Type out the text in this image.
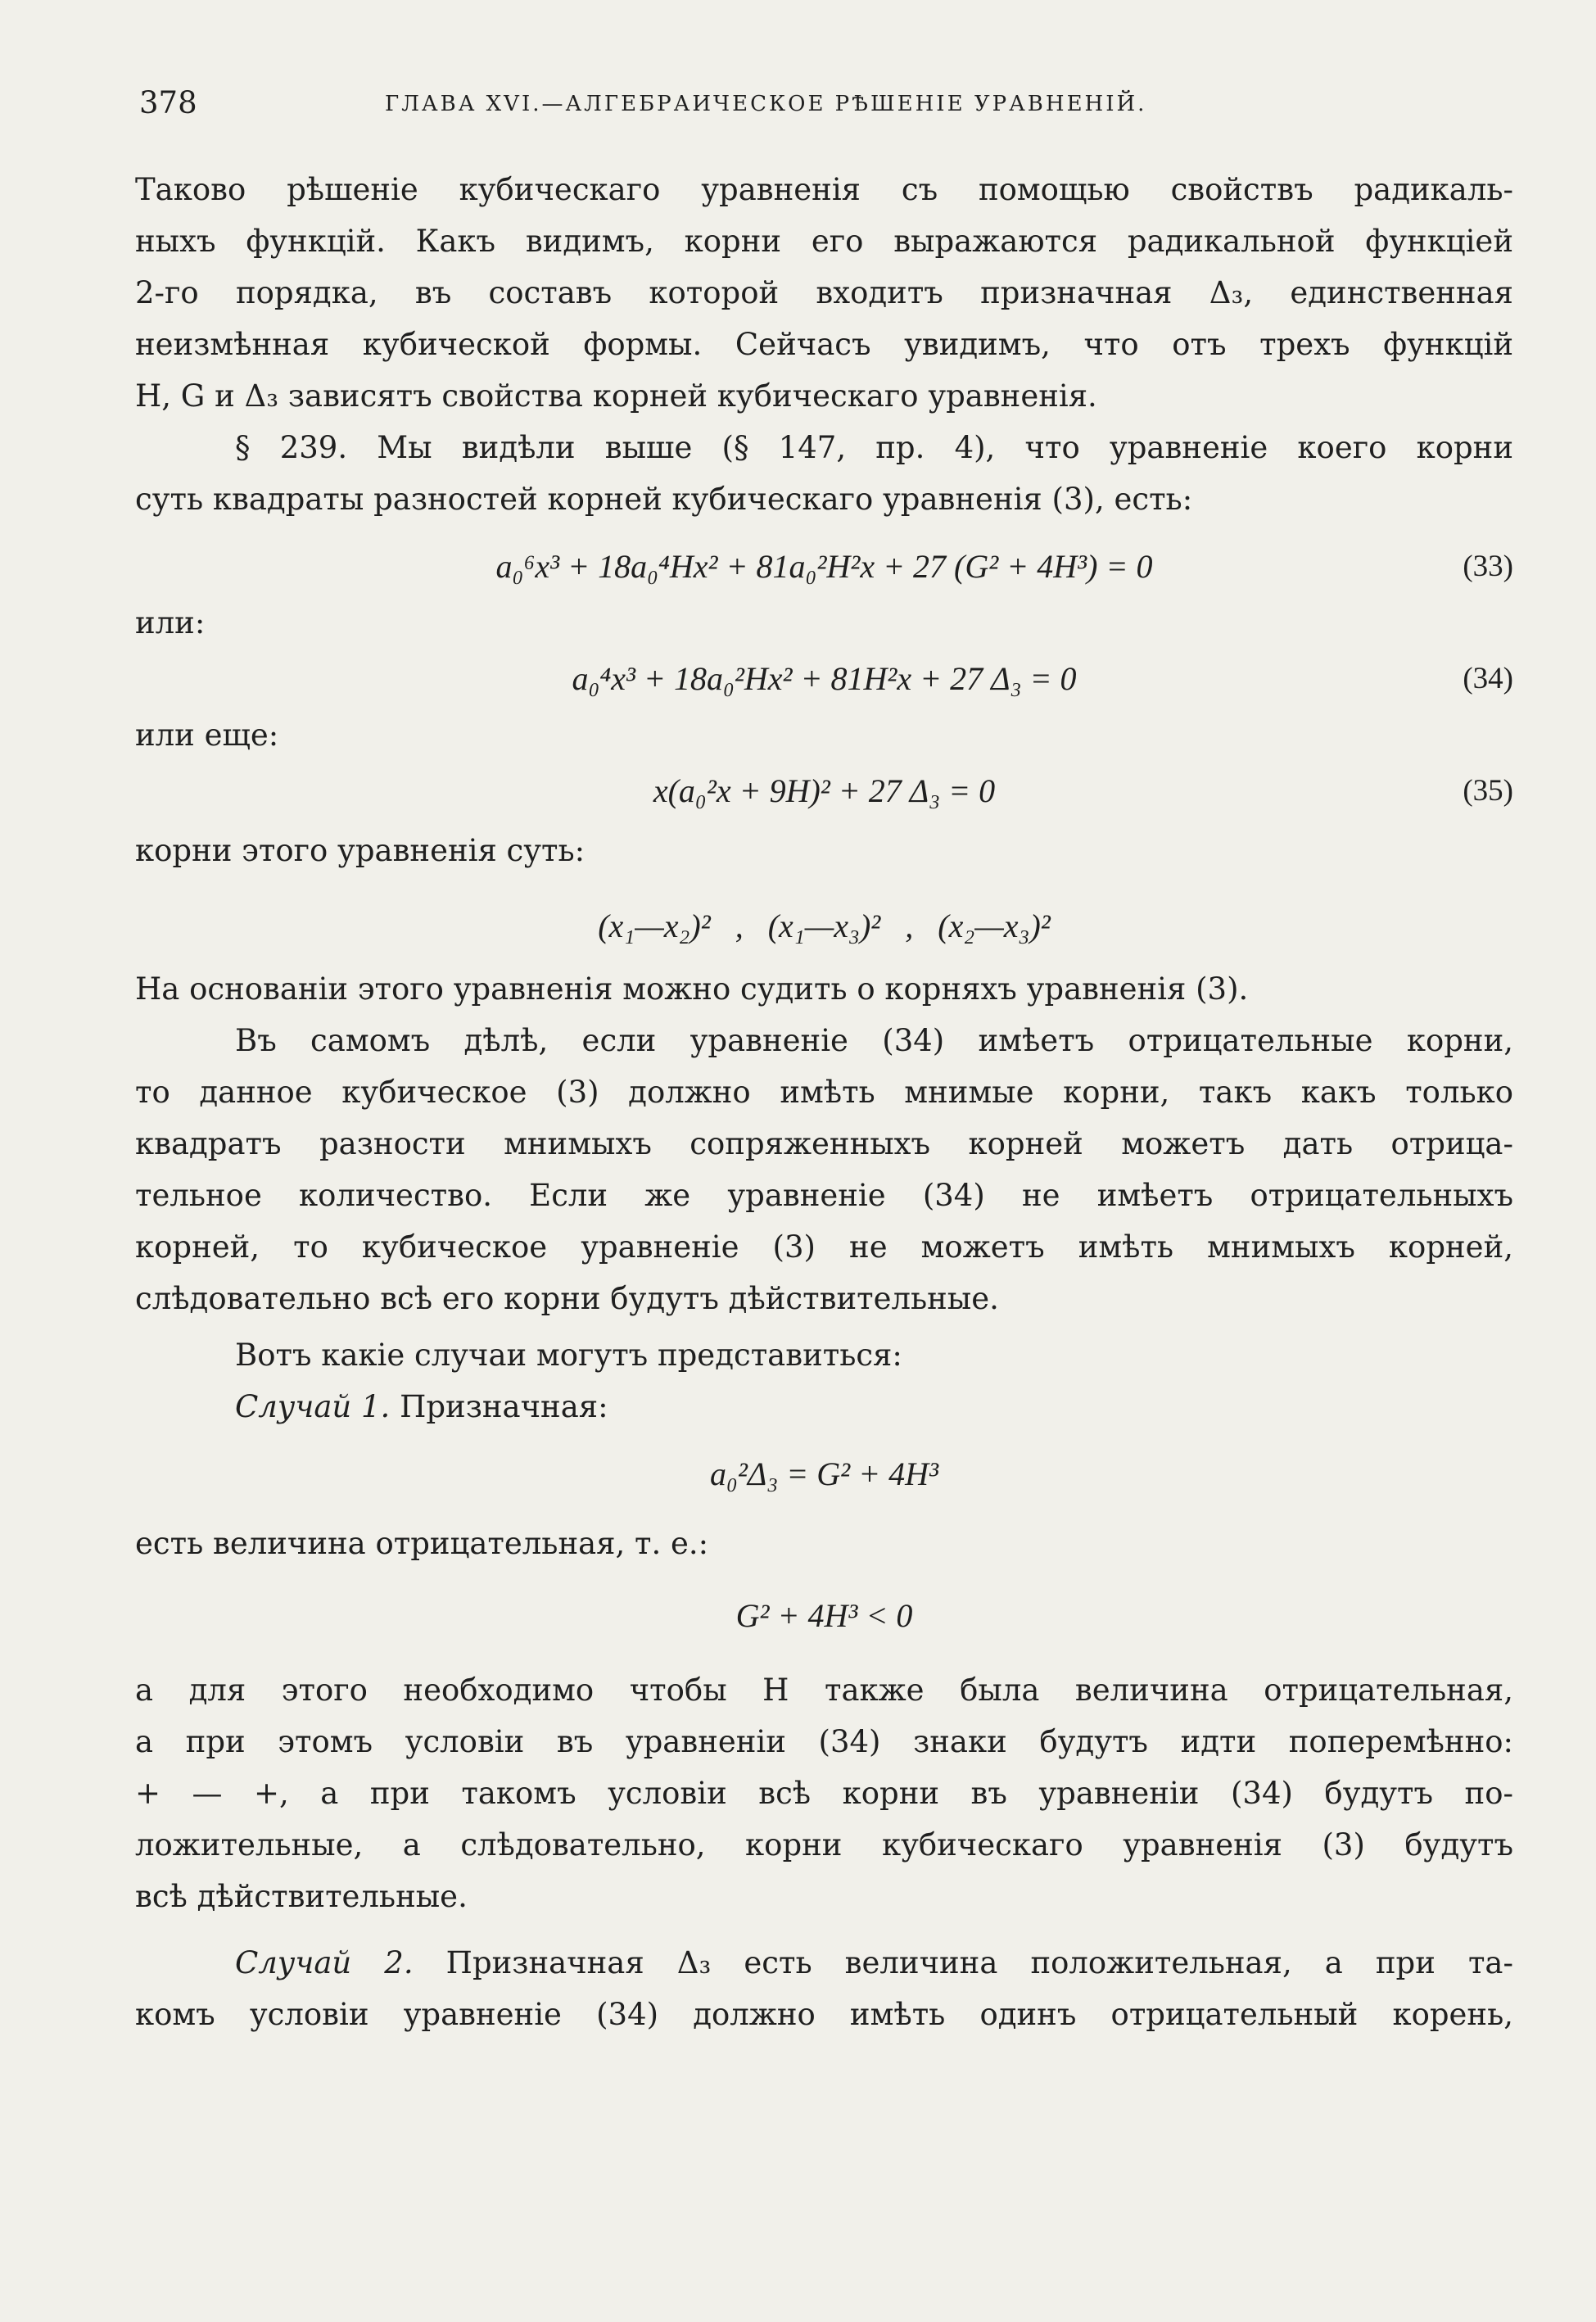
378	ГЛАВА XVI.—АЛГЕБРАИЧЕСКОЕ РѢШЕНІЕ УРАВНЕНІЙ.

Таково рѣшеніе кубическаго уравненія съ помощью свойствъ радикаль-

ныхъ функцій. Какъ видимъ, корни его выражаются радикальной функціей

2-го порядка, въ составъ которой входитъ призначная Δ₃, единственная

неизмѣнная кубической формы. Сейчасъ увидимъ, что отъ трехъ функцій

H, G и Δ₃ зависятъ свойства корней кубическаго уравненія.

§ 239. Мы видѣли выше (§ 147, пр. 4), что уравненіе коего корни

суть квадраты разностей корней кубическаго уравненія (3), есть:

a₀⁶x³ + 18a₀⁴Hx² + 81a₀²H²x + 27 (G² + 4H³) = 0	(33)

или:

a₀⁴x³ + 18a₀²Hx² + 81H²x + 27 Δ₃ = 0	(34)

или еще:

x(a₀²x + 9H)² + 27 Δ₃ = 0	(35)

корни этого уравненія суть:

(x₁—x₂)²   ,   (x₁—x₃)²   ,   (x₂—x₃)²

На основаніи этого уравненія можно судить о корняхъ уравненія (3).

Въ самомъ дѣлѣ, если уравненіе (34) имѣетъ отрицательные корни,

то данное кубическое (3) должно имѣть мнимые корни, такъ какъ только

квадратъ разности мнимыхъ сопряженныхъ корней можетъ дать отрица-

тельное количество. Если же уравненіе (34) не имѣетъ отрицательныхъ

корней, то кубическое уравненіе (3) не можетъ имѣть мнимыхъ корней,

слѣдовательно всѣ его корни будутъ дѣйствительные.

Вотъ какіе случаи могутъ представиться:

Случай 1. Призначная:

a₀²Δ₃ = G² + 4H³

есть величина отрицательная, т. е.:

G² + 4H³ < 0

а для этого необходимо чтобы H также была величина отрицательная,

а при этомъ условіи въ уравненіи (34) знаки будутъ идти поперемѣнно:

+ — +, а при такомъ условіи всѣ корни въ уравненіи (34) будутъ по-

ложительные, а слѣдовательно, корни кубическаго уравненія (3) будутъ

всѣ дѣйствительные.

Случай 2. Призначная Δ₃ есть величина положительная, а при та-

комъ условіи уравненіе (34) должно имѣть одинъ отрицательный корень,
